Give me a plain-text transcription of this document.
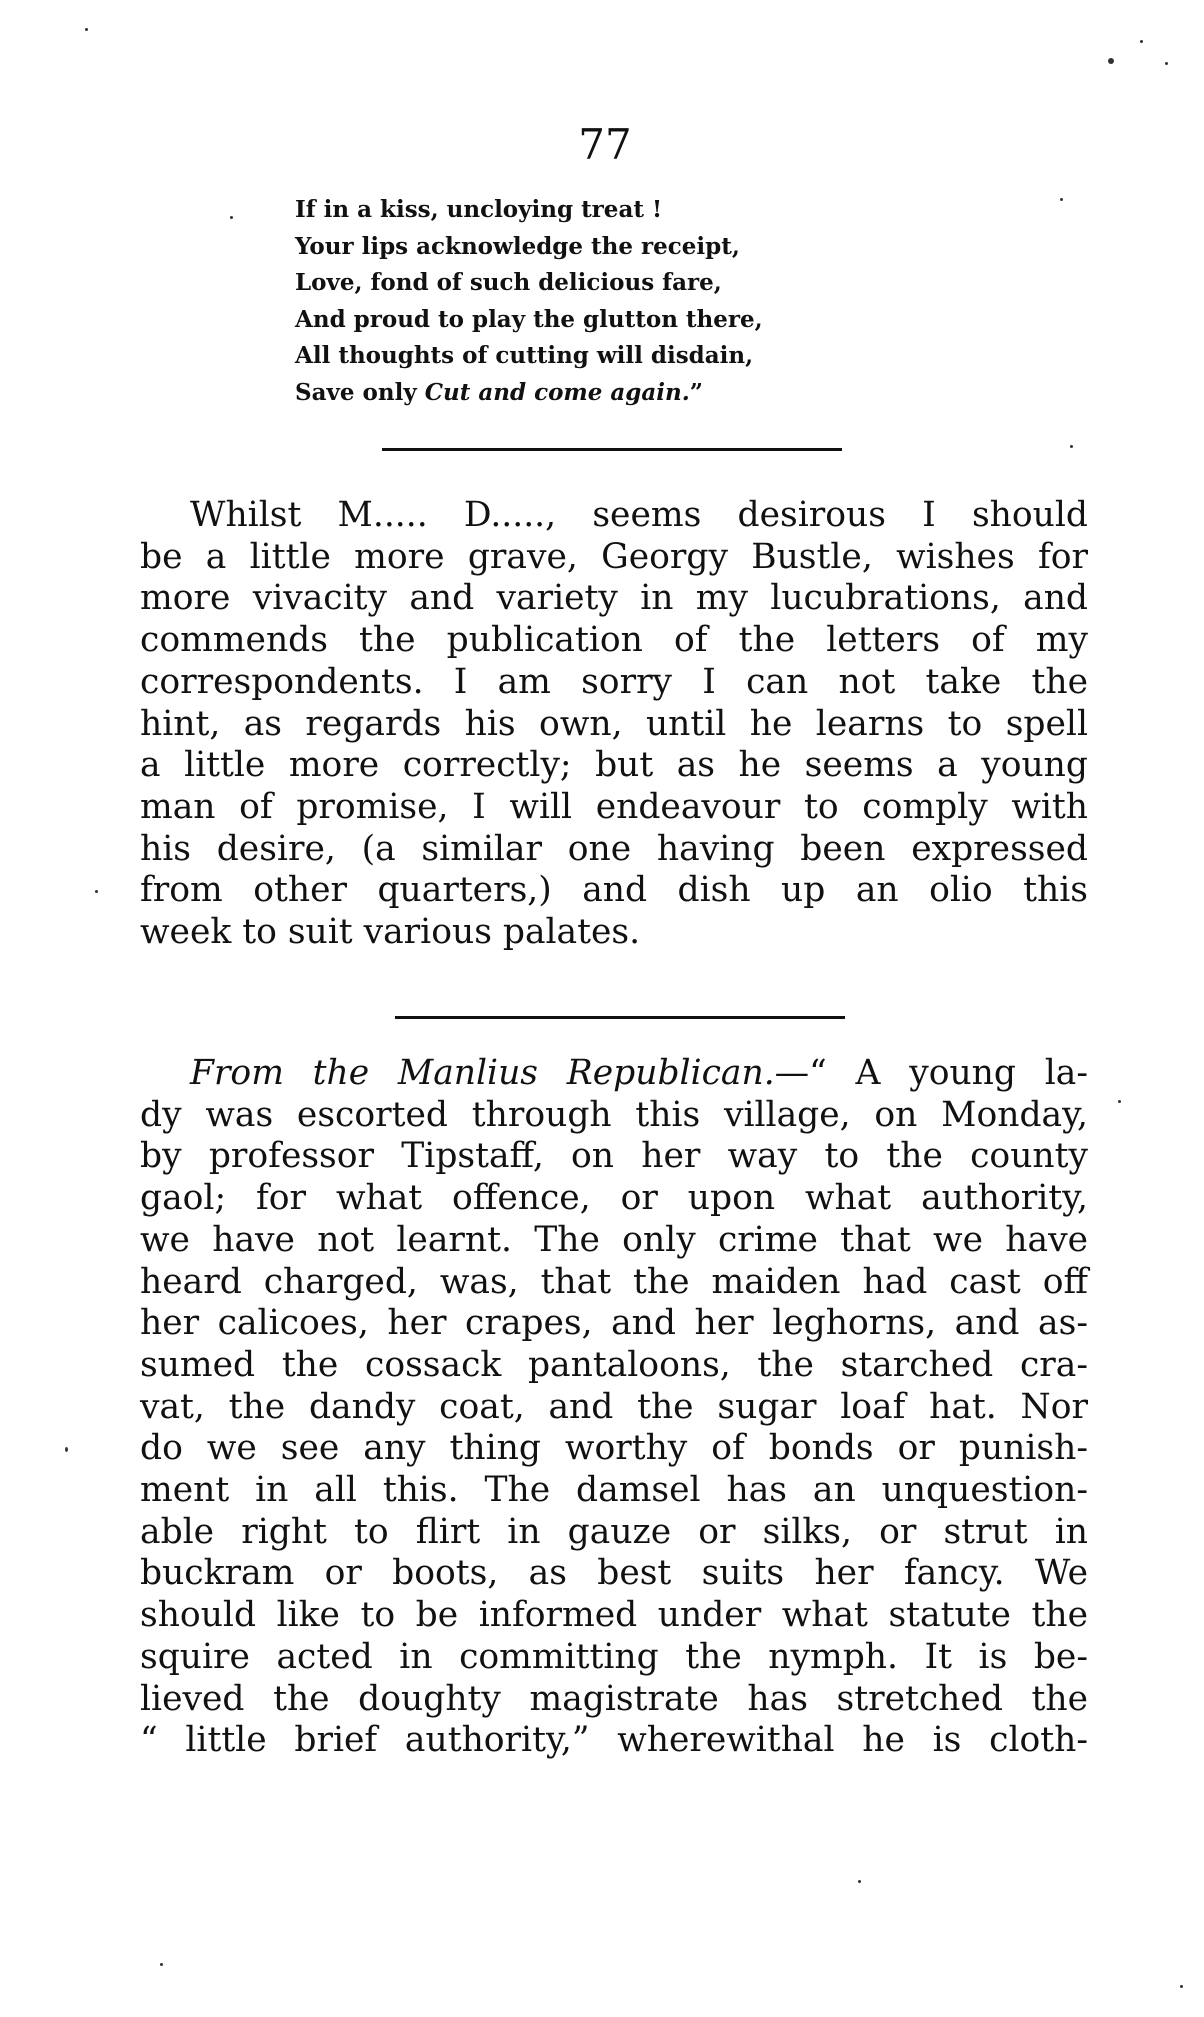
77
If in a kiss, uncloying treat !
Your lips acknowledge the receipt,
Love, fond of such delicious fare,
And proud to play the glutton there,
All thoughts of cutting will disdain,
Save only Cut and come again.”
Whilst M..... D....., seems desirous I should
be a little more grave, Georgy Bustle, wishes for
more vivacity and variety in my lucubrations, and
commends the publication of the letters of my
correspondents. I am sorry I can not take the
hint, as regards his own, until he learns to spell
a little more correctly; but as he seems a young
man of promise, I will endeavour to comply with
his desire, (a similar one having been expressed
from other quarters,) and dish up an olio this
week to suit various palates.
From the Manlius Republican.—“ A young la-
dy was escorted through this village, on Monday,
by professor Tipstaff, on her way to the county
gaol; for what offence, or upon what authority,
we have not learnt. The only crime that we have
heard charged, was, that the maiden had cast off
her calicoes, her crapes, and her leghorns, and as-
sumed the cossack pantaloons, the starched cra-
vat, the dandy coat, and the sugar loaf hat. Nor
do we see any thing worthy of bonds or punish-
ment in all this. The damsel has an unquestion-
able right to flirt in gauze or silks, or strut in
buckram or boots, as best suits her fancy. We
should like to be informed under what statute the
squire acted in committing the nymph. It is be-
lieved the doughty magistrate has stretched the
“ little brief authority,” wherewithal he is cloth-
